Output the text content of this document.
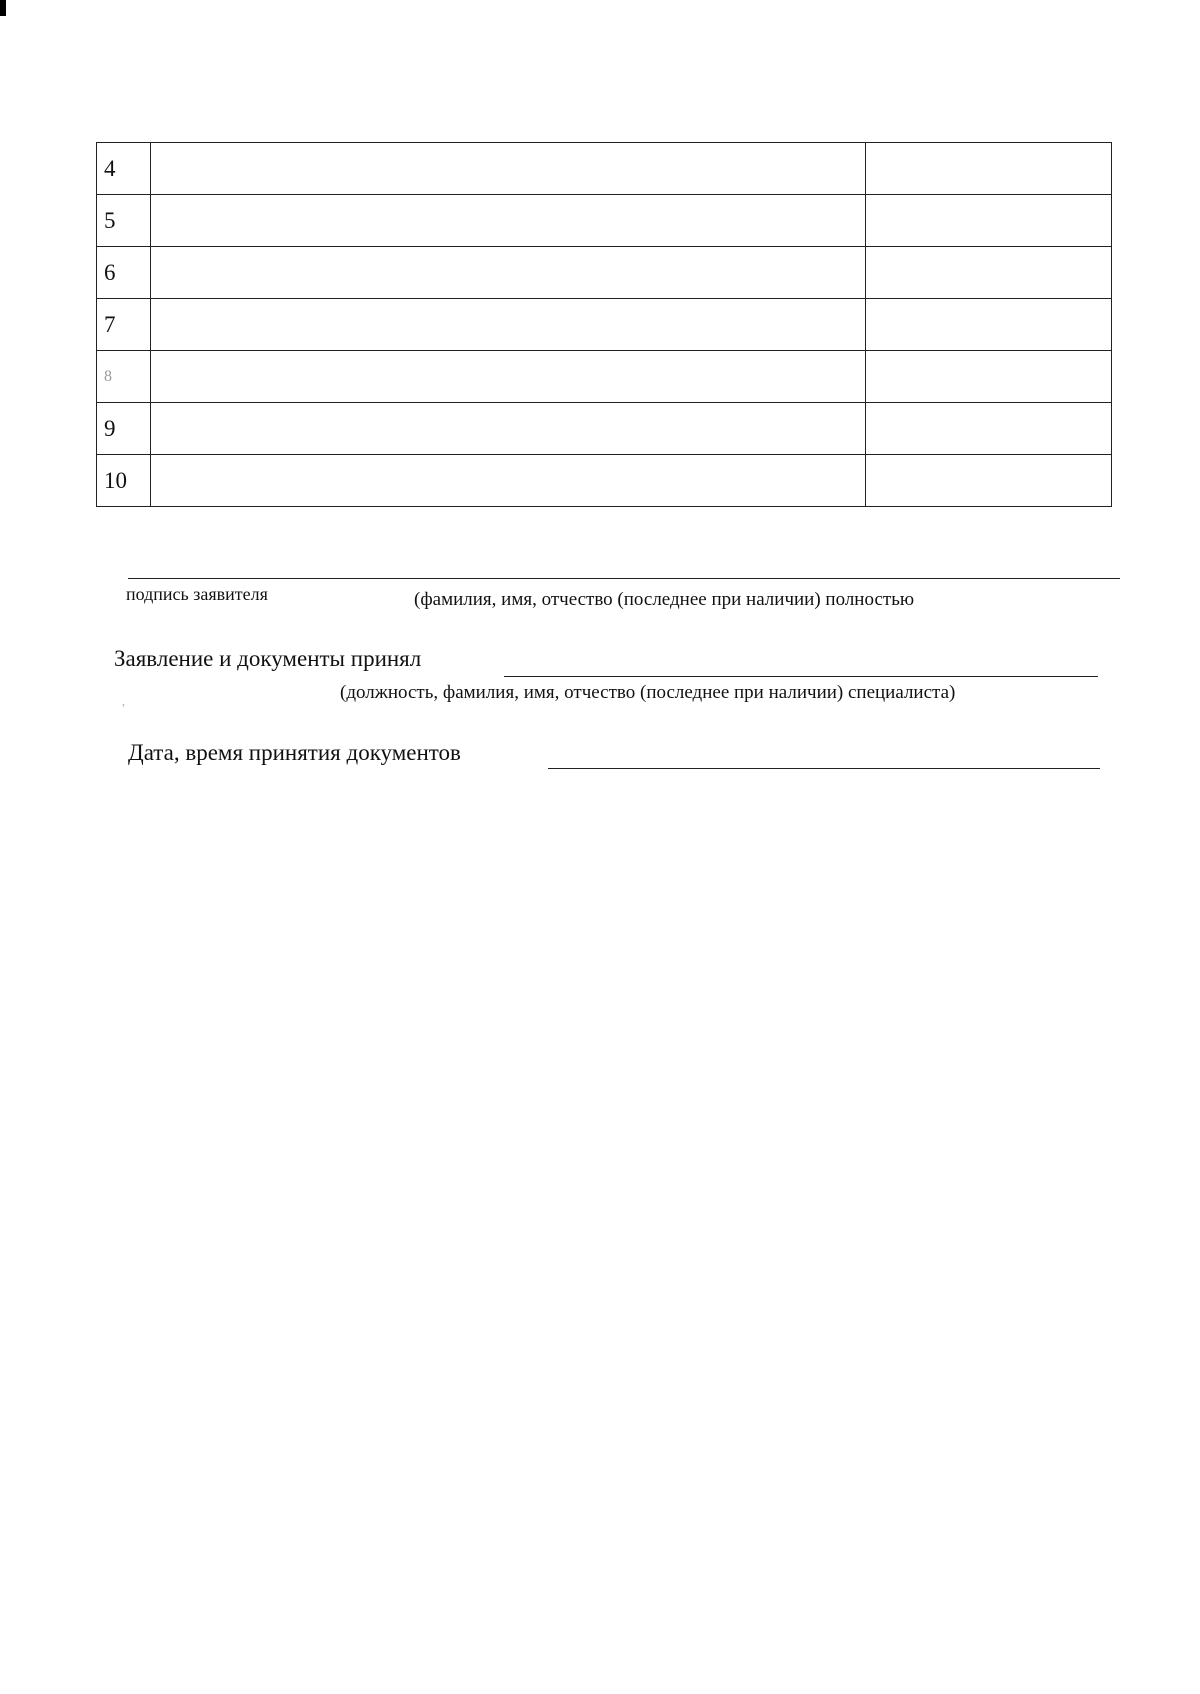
4		
5		
6		
7		
8		
9		
10		
подпись заявителя	(фамилия, имя, отчество (последнее при наличии) полностью
Заявление и документы принял
,	(должность, фамилия, имя, отчество (последнее при наличии) специалиста)
Дата, время принятия документов
